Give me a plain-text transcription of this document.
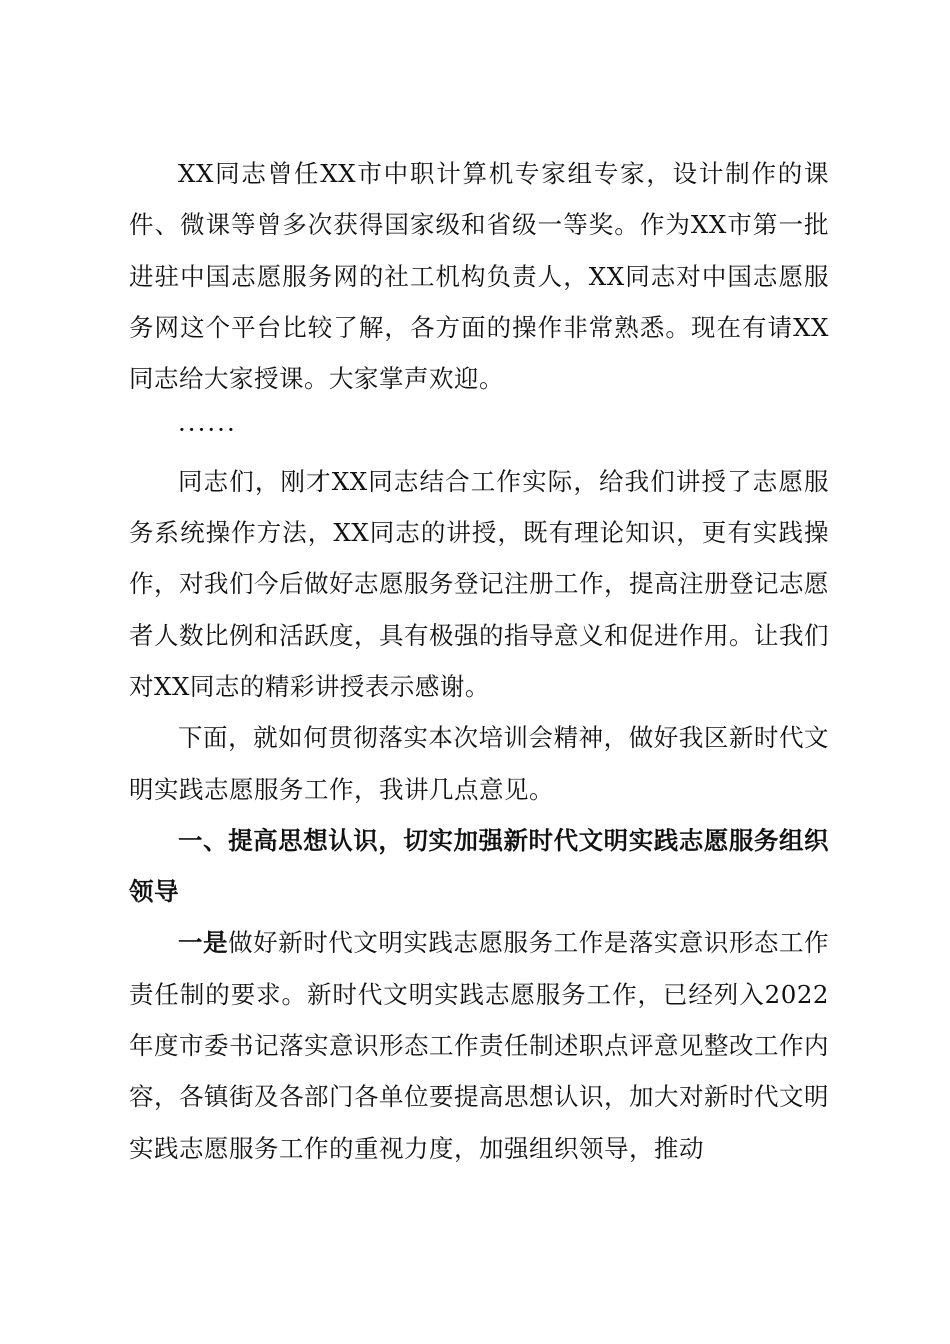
XX同志曾任XX市中职计算机专家组专家，设计制作的课件、微课等曾多次获得国家级和省级一等奖。作为XX市第一批进驻中国志愿服务网的社工机构负责人，XX同志对中国志愿服务网这个平台比较了解，各方面的操作非常熟悉。现在有请XX同志给大家授课。大家掌声欢迎。

······

同志们，刚才XX同志结合工作实际，给我们讲授了志愿服务系统操作方法，XX同志的讲授，既有理论知识，更有实践操作，对我们今后做好志愿服务登记注册工作，提高注册登记志愿者人数比例和活跃度，具有极强的指导意义和促进作用。让我们对XX同志的精彩讲授表示感谢。

下面，就如何贯彻落实本次培训会精神，做好我区新时代文明实践志愿服务工作，我讲几点意见。

一、提高思想认识，切实加强新时代文明实践志愿服务组织领导

一是做好新时代文明实践志愿服务工作是落实意识形态工作责任制的要求。新时代文明实践志愿服务工作，已经列入2022年度市委书记落实意识形态工作责任制述职点评意见整改工作内容，各镇街及各部门各单位要提高思想认识，加大对新时代文明实践志愿服务工作的重视力度，加强组织领导，推动
